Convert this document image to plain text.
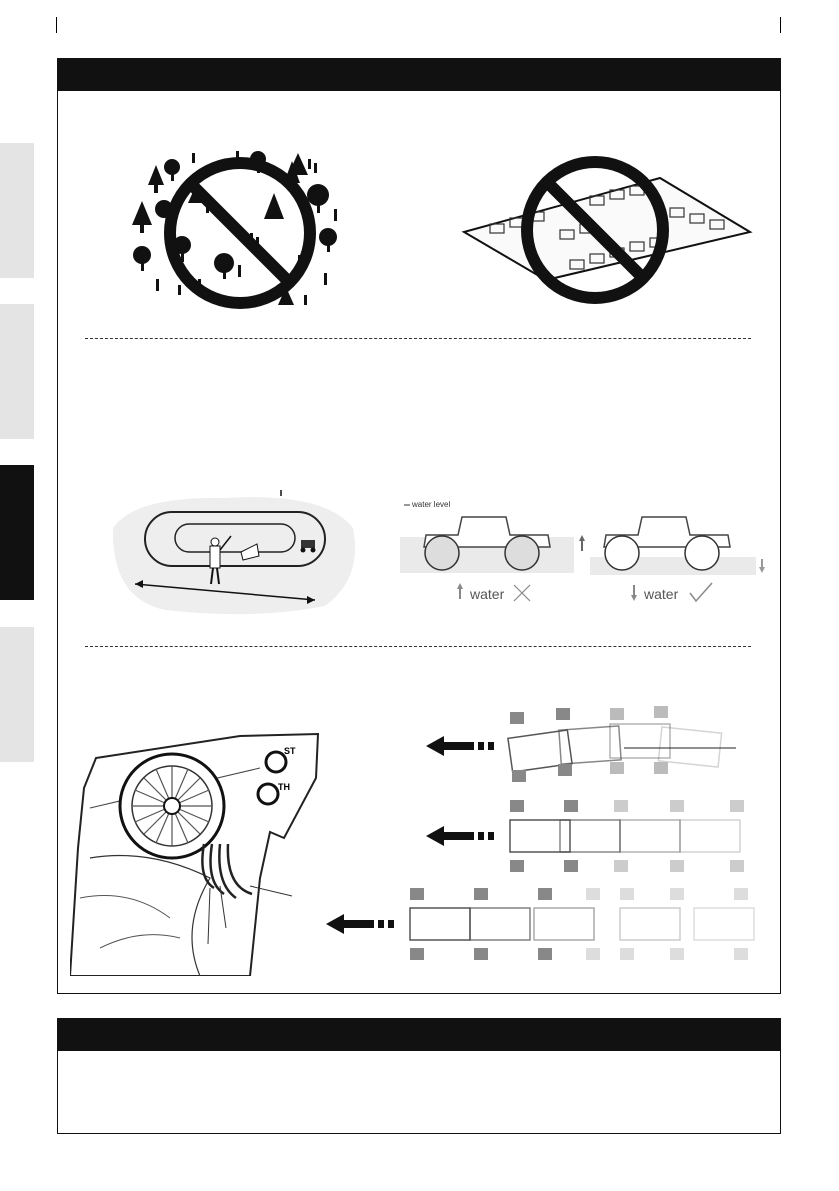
water level
water	water
ST
TH
